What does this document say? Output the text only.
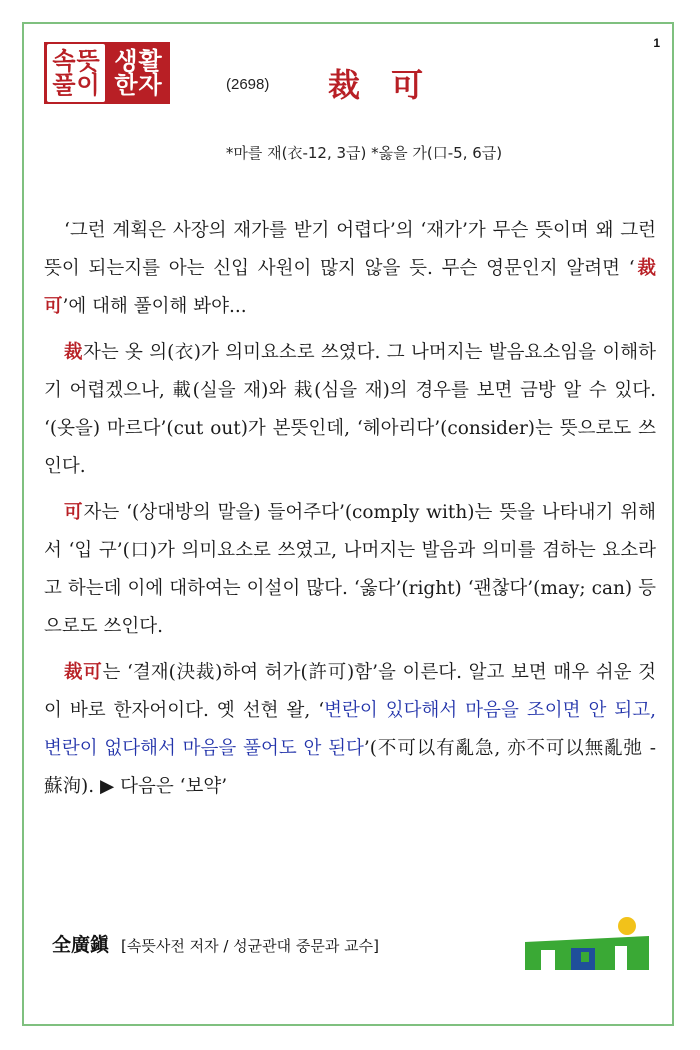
1
속 뜻
풀 이
생 활
한 자	(2698) 裁 可
*마를 재(衣-12, 3급) *옳을 가(口-5, 6급)

‘그런 계획은 사장의 재가를 받기 어렵다’의 ‘재가’가 무슨 뜻이며 왜 그런 뜻이 되는지를 아는 신입 사원이 많지 않을 듯. 무슨 영문인지 알려면 ‘裁可’에 대해 풀이해 봐야...

裁자는 옷 의(衣)가 의미요소로 쓰였다. 그 나머지는 발음요소임을 이해하기 어렵겠으나, 載(실을 재)와 栽(심을 재)의 경우를 보면 금방 알 수 있다. ‘(옷을) 마르다’(cut out)가 본뜻인데, ‘헤아리다’(consider)는 뜻으로도 쓰인다.

可자는 ‘(상대방의 말을) 들어주다’(comply with)는 뜻을 나타내기 위해서 ‘입 구’(口)가 의미요소로 쓰였고, 나머지는 발음과 의미를 겸하는 요소라고 하는데 이에 대하여는 이설이 많다. ‘옳다’(right) ‘괜찮다’(may; can) 등으로도 쓰인다.

裁可는 ‘결재(決裁)하여 허가(許可)함’을 이른다. 알고 보면 매우 쉬운 것이 바로 한자어이다. 옛 선현 왈, ‘변란이 있다해서 마음을 조이면 안 되고, 변란이 없다해서 마음을 풀어도 안 된다’(不可以有亂急, 亦不可以無亂弛 - 蘇洵). ▶ 다음은 ‘보약’

全廣鎭 [속뜻사전 저자 / 성균관대 중문과 교수]
